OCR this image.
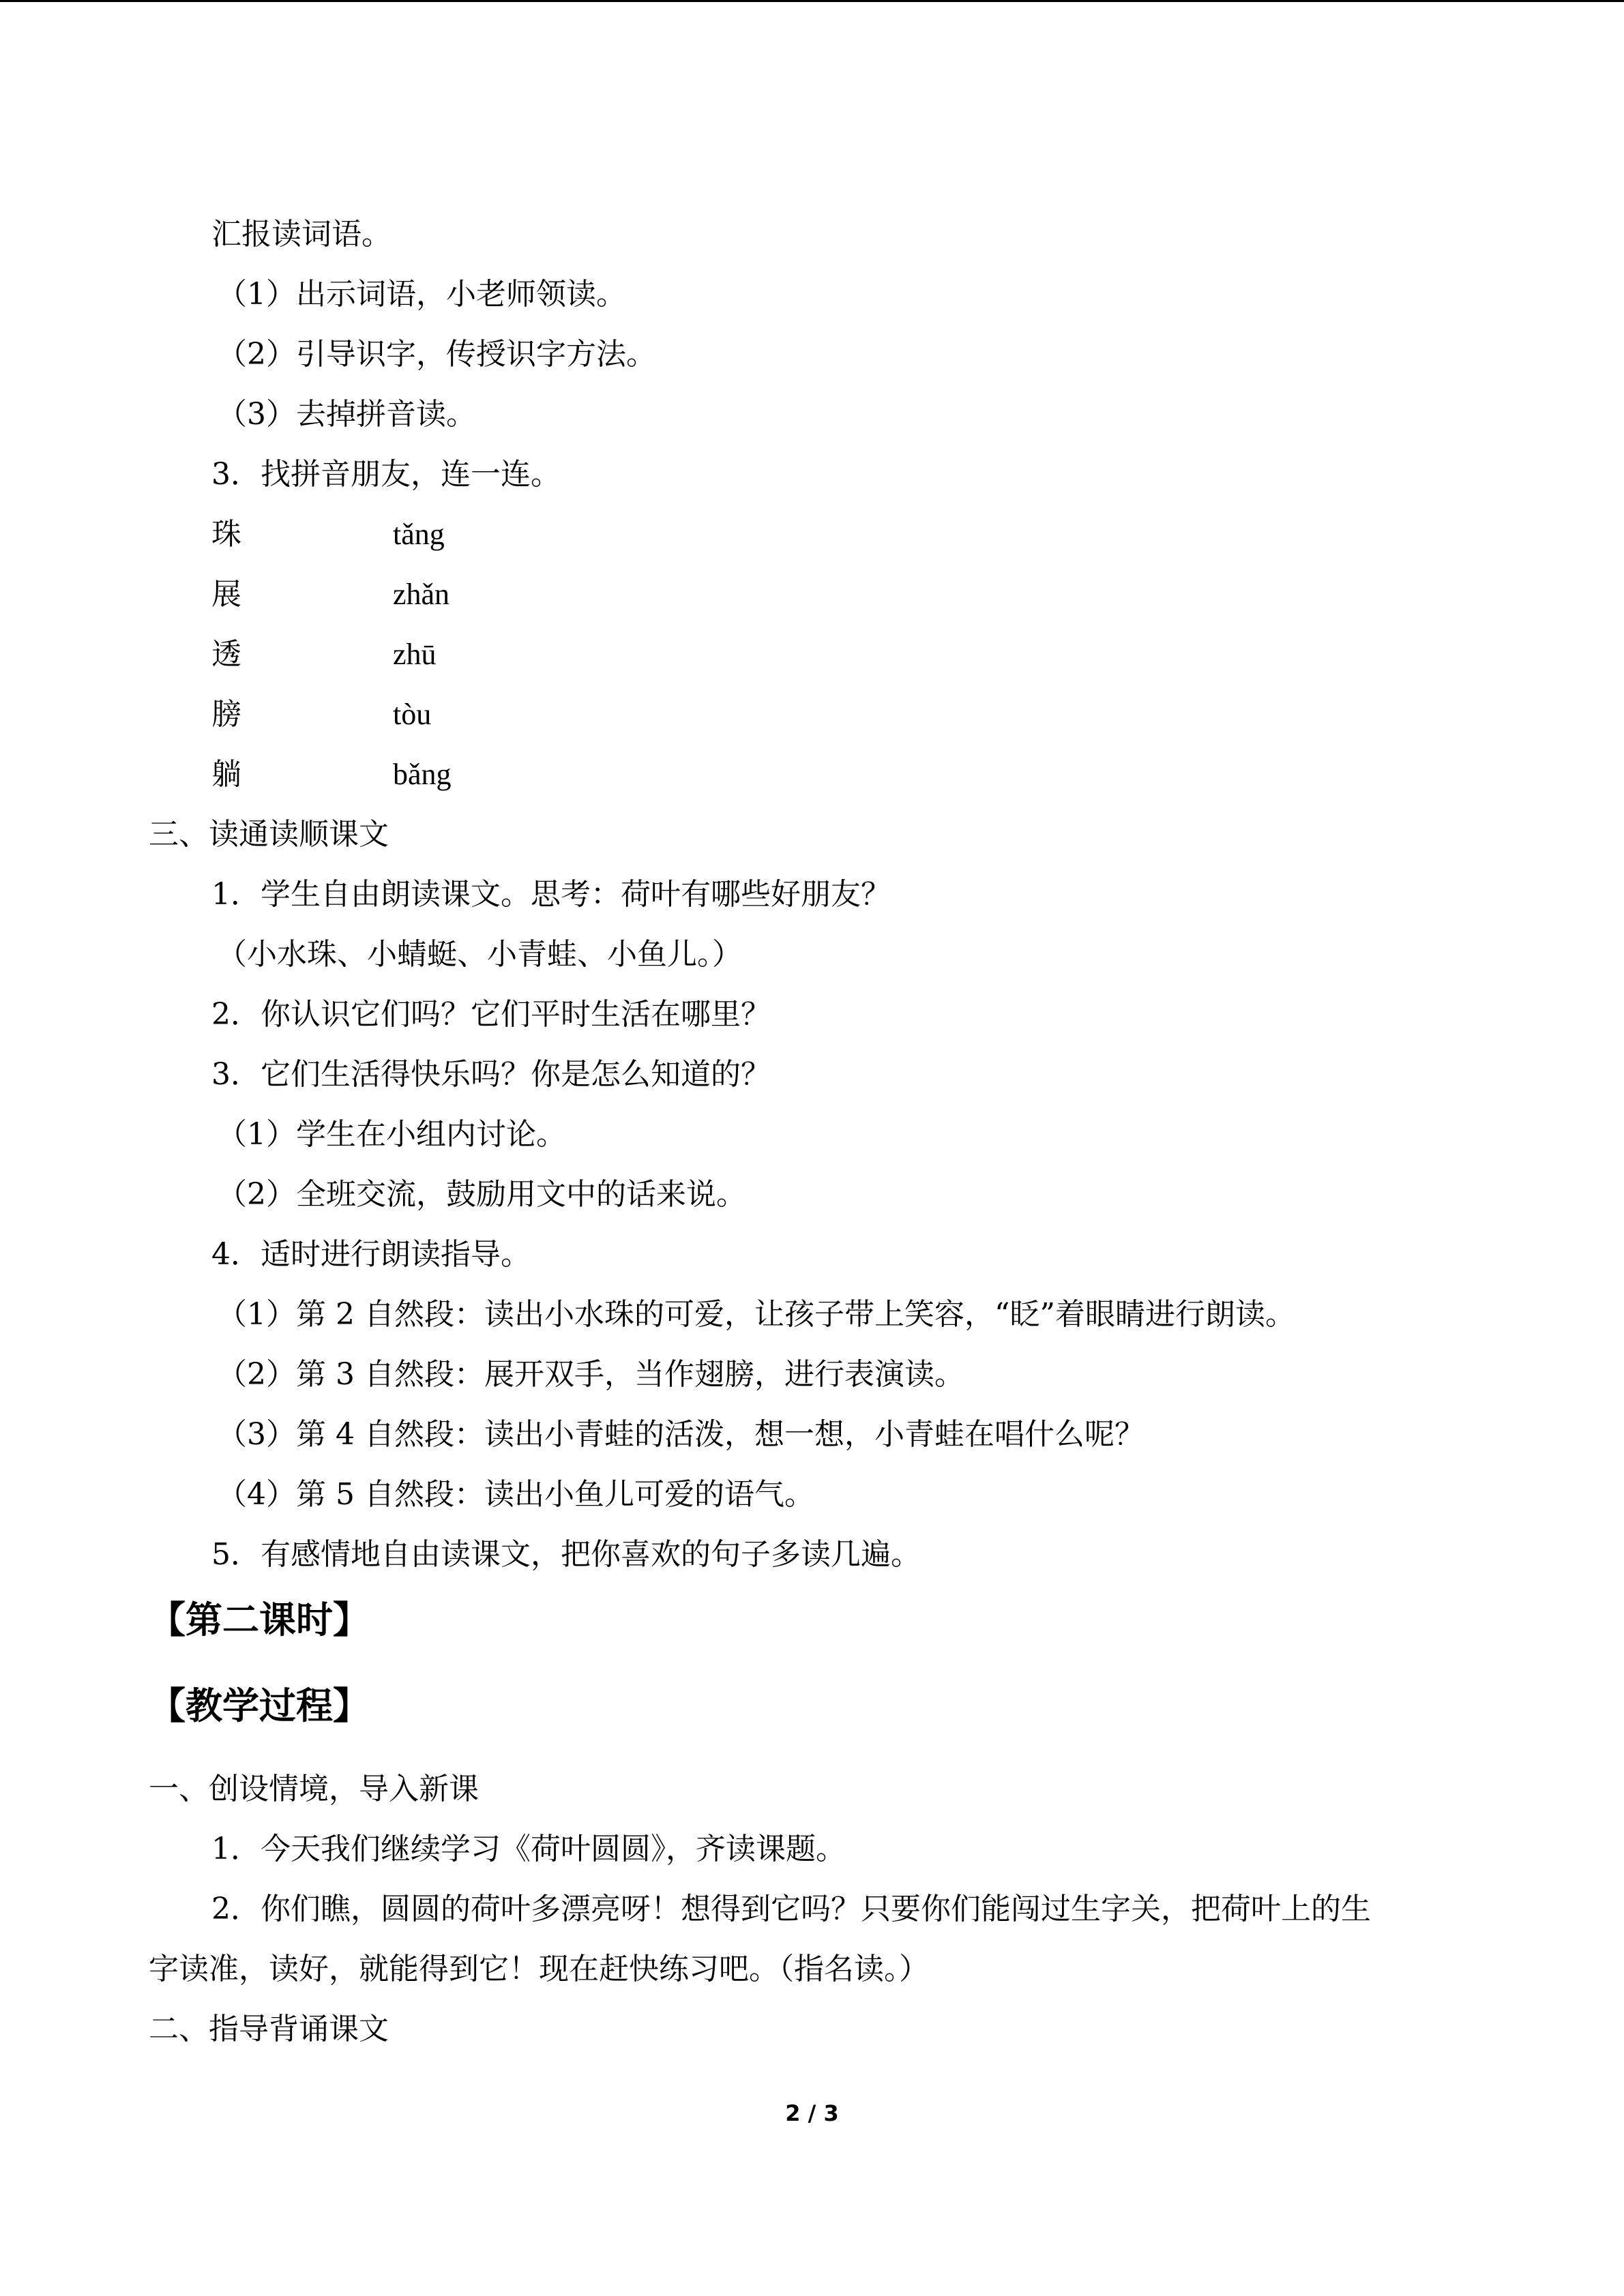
汇报读词语。
（1）出示词语，小老师领读。
（2）引导识字，传授识字方法。
（3）去掉拼音读。
3．找拼音朋友，连一连。
珠	tǎng
展	zhǎn
透	zhū
膀	tòu
躺	bǎng
三、读通读顺课文
1．学生自由朗读课文。思考：荷叶有哪些好朋友？
（小水珠、小蜻蜓、小青蛙、小鱼儿。）
2．你认识它们吗？它们平时生活在哪里？
3．它们生活得快乐吗？你是怎么知道的？
（1）学生在小组内讨论。
（2）全班交流，鼓励用文中的话来说。
4．适时进行朗读指导。
（1）第 2 自然段：读出小水珠的可爱，让孩子带上笑容，“眨”着眼睛进行朗读。
（2）第 3 自然段：展开双手，当作翅膀，进行表演读。
（3）第 4 自然段：读出小青蛙的活泼，想一想，小青蛙在唱什么呢？
（4）第 5 自然段：读出小鱼儿可爱的语气。
5．有感情地自由读课文，把你喜欢的句子多读几遍。
【第二课时】
【教学过程】
一、创设情境，导入新课
1．今天我们继续学习《荷叶圆圆》，齐读课题。
2．你们瞧，圆圆的荷叶多漂亮呀！想得到它吗？只要你们能闯过生字关，把荷叶上的生
字读准，读好，就能得到它！现在赶快练习吧。（指名读。）
二、指导背诵课文
2 / 3
